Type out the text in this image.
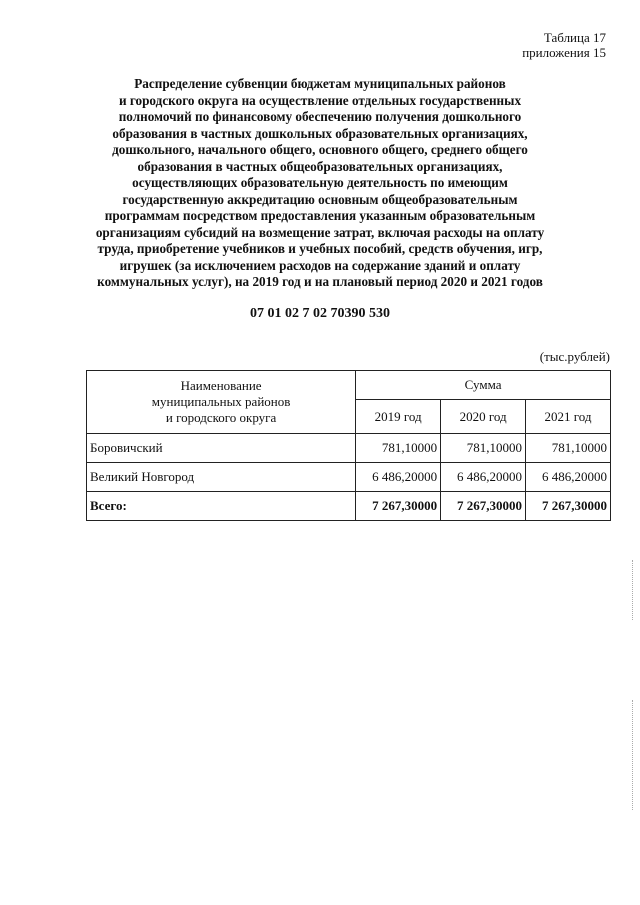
Таблица 17
приложения 15
Распределение субвенции бюджетам муниципальных районов
и городского округа на осуществление отдельных государственных
полномочий по финансовому обеспечению получения дошкольного
образования в частных дошкольных образовательных организациях,
дошкольного, начального общего, основного общего, среднего общего
образования в частных общеобразовательных организациях,
осуществляющих образовательную деятельность по имеющим
государственную аккредитацию основным общеобразовательным
программам посредством предоставления указанным образовательным
организациям субсидий на возмещение затрат, включая расходы на оплату
труда, приобретение учебников и учебных пособий, средств обучения, игр,
игрушек (за исключением расходов на содержание зданий и оплату
коммунальных услуг), на 2019 год и на плановый период 2020 и 2021 годов
07 01 02 7 02 70390 530
(тыс.рублей)
Наименование
муниципальных районов
и городского округа	Сумма		
	2019 год	2020 год	2021 год
Боровичский	781,10000	781,10000	781,10000
Великий Новгород	6 486,20000	6 486,20000	6 486,20000
Всего:	7 267,30000	7 267,30000	7 267,30000
